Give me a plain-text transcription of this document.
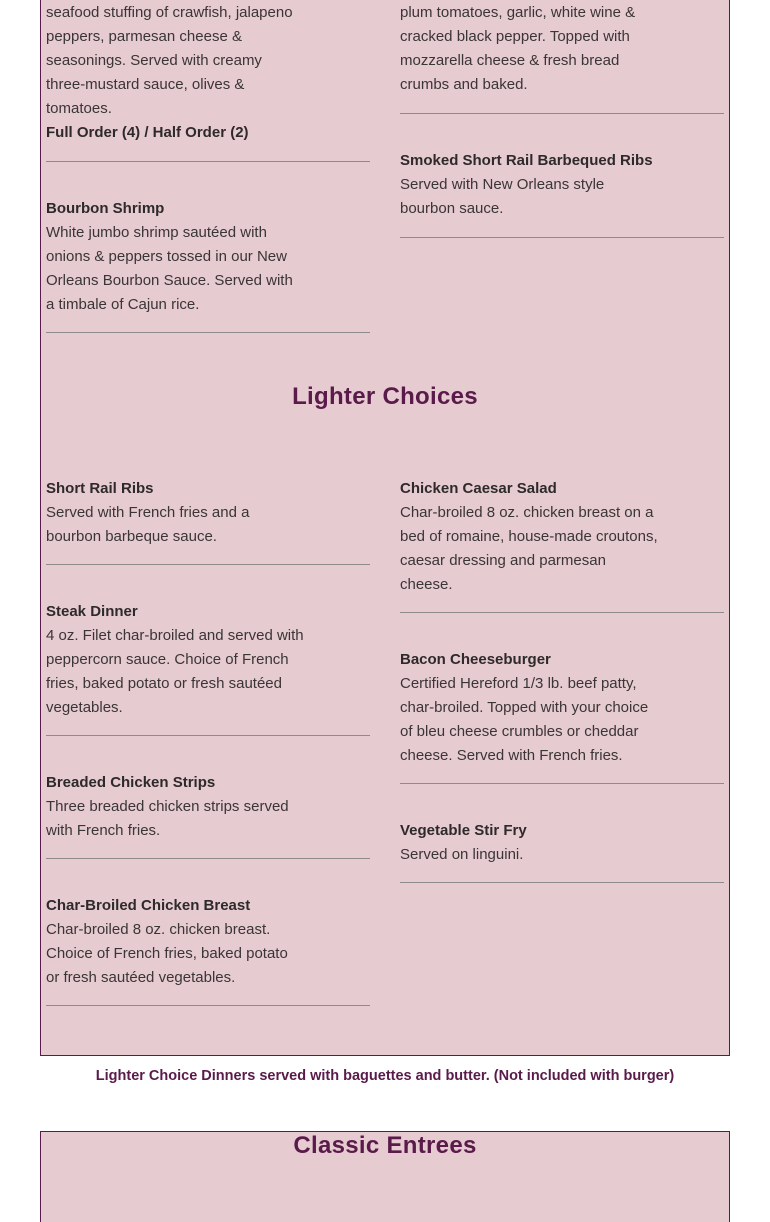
seafood stuffing of crawfish, jalapeno peppers, parmesan cheese & seasonings. Served with creamy three-mustard sauce, olives & tomatoes.
Full Order (4) / Half Order (2)
Bourbon Shrimp
White jumbo shrimp sautéed with onions & peppers tossed in our New Orleans Bourbon Sauce. Served with a timbale of Cajun rice.
plum tomatoes, garlic, white wine & cracked black pepper. Topped with mozzarella cheese & fresh bread crumbs and baked.
Smoked Short Rail Barbequed Ribs
Served with New Orleans style bourbon sauce.
Lighter Choices
Short Rail Ribs
Served with French fries and a bourbon barbeque sauce.
Steak Dinner
4 oz. Filet char-broiled and served with peppercorn sauce. Choice of French fries, baked potato or fresh sautéed vegetables.
Breaded Chicken Strips
Three breaded chicken strips served with French fries.
Char-Broiled Chicken Breast
Char-broiled 8 oz. chicken breast. Choice of French fries, baked potato or fresh sautéed vegetables.
Chicken Caesar Salad
Char-broiled 8 oz. chicken breast on a bed of romaine, house-made croutons, caesar dressing and parmesan cheese.
Bacon Cheeseburger
Certified Hereford 1/3 lb. beef patty, char-broiled. Topped with your choice of bleu cheese crumbles or cheddar cheese. Served with French fries.
Vegetable Stir Fry
Served on linguini.
Lighter Choice Dinners served with baguettes and butter. (Not included with burger)
Classic Entrees
